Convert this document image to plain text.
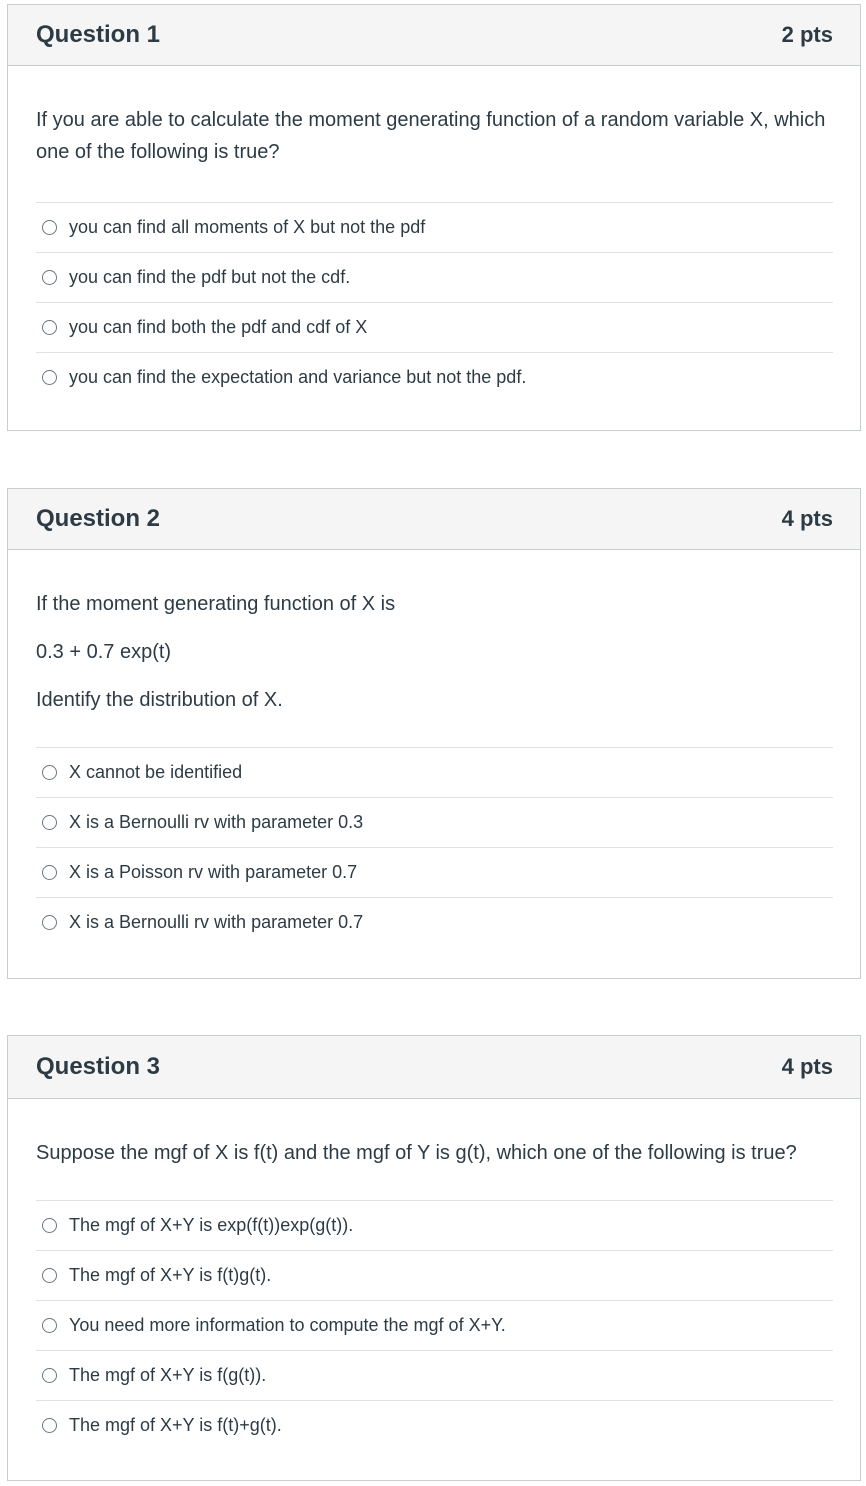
Question 1	2 pts

If you are able to calculate the moment generating function of a random variable X, which one of the following is true?

you can find all moments of X but not the pdf
you can find the pdf but not the cdf.
you can find both the pdf and cdf of X
you can find the expectation and variance but not the pdf.
Question 2	4 pts

If the moment generating function of X is

0.3 + 0.7 exp(t)

Identify the distribution of X.

X cannot be identified
X is a Bernoulli rv with parameter 0.3
X is a Poisson rv with parameter 0.7
X is a Bernoulli rv with parameter 0.7
Question 3	4 pts

Suppose the mgf of X is f(t) and the mgf of Y is g(t), which one of the following is true?

The mgf of X+Y is exp(f(t))exp(g(t)).
The mgf of X+Y is f(t)g(t).
You need more information to compute the mgf of X+Y.
The mgf of X+Y is f(g(t)).
The mgf of X+Y is f(t)+g(t).
